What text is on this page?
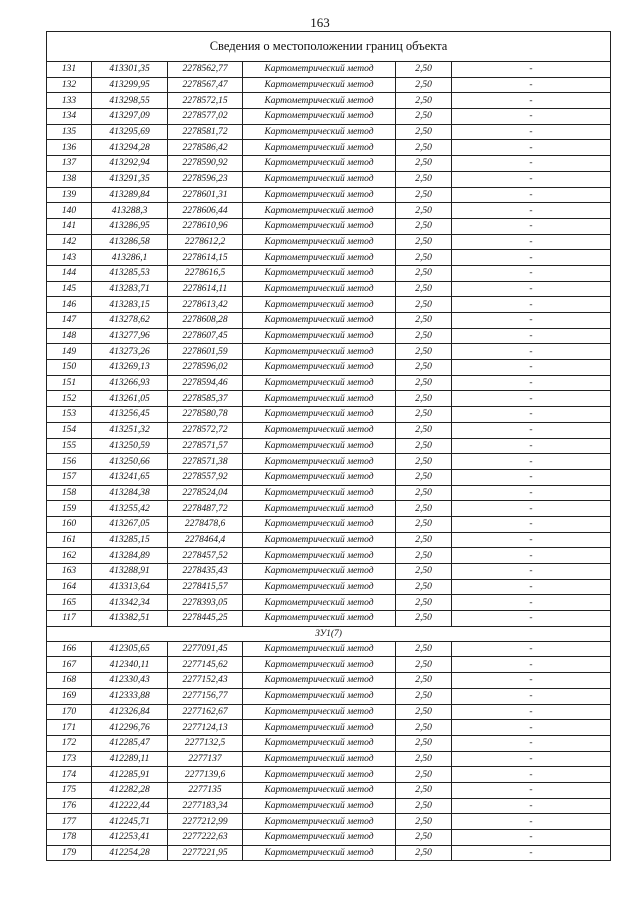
163
Сведения о местоположении границ объекта					
131	413301,35	2278562,77	Картометрический метод	2,50	-
132	413299,95	2278567,47	Картометрический метод	2,50	-
133	413298,55	2278572,15	Картометрический метод	2,50	-
134	413297,09	2278577,02	Картометрический метод	2,50	-
135	413295,69	2278581,72	Картометрический метод	2,50	-
136	413294,28	2278586,42	Картометрический метод	2,50	-
137	413292,94	2278590,92	Картометрический метод	2,50	-
138	413291,35	2278596,23	Картометрический метод	2,50	-
139	413289,84	2278601,31	Картометрический метод	2,50	-
140	413288,3	2278606,44	Картометрический метод	2,50	-
141	413286,95	2278610,96	Картометрический метод	2,50	-
142	413286,58	2278612,2	Картометрический метод	2,50	-
143	413286,1	2278614,15	Картометрический метод	2,50	-
144	413285,53	2278616,5	Картометрический метод	2,50	-
145	413283,71	2278614,11	Картометрический метод	2,50	-
146	413283,15	2278613,42	Картометрический метод	2,50	-
147	413278,62	2278608,28	Картометрический метод	2,50	-
148	413277,96	2278607,45	Картометрический метод	2,50	-
149	413273,26	2278601,59	Картометрический метод	2,50	-
150	413269,13	2278596,02	Картометрический метод	2,50	-
151	413266,93	2278594,46	Картометрический метод	2,50	-
152	413261,05	2278585,37	Картометрический метод	2,50	-
153	413256,45	2278580,78	Картометрический метод	2,50	-
154	413251,32	2278572,72	Картометрический метод	2,50	-
155	413250,59	2278571,57	Картометрический метод	2,50	-
156	413250,66	2278571,38	Картометрический метод	2,50	-
157	413241,65	2278557,92	Картометрический метод	2,50	-
158	413284,38	2278524,04	Картометрический метод	2,50	-
159	413255,42	2278487,72	Картометрический метод	2,50	-
160	413267,05	2278478,6	Картометрический метод	2,50	-
161	413285,15	2278464,4	Картометрический метод	2,50	-
162	413284,89	2278457,52	Картометрический метод	2,50	-
163	413288,91	2278435,43	Картометрический метод	2,50	-
164	413313,64	2278415,57	Картометрический метод	2,50	-
165	413342,34	2278393,05	Картометрический метод	2,50	-
117	413382,51	2278445,25	Картометрический метод	2,50	-
ЗУ1(7)					
166	412305,65	2277091,45	Картометрический метод	2,50	-
167	412340,11	2277145,62	Картометрический метод	2,50	-
168	412330,43	2277152,43	Картометрический метод	2,50	-
169	412333,88	2277156,77	Картометрический метод	2,50	-
170	412326,84	2277162,67	Картометрический метод	2,50	-
171	412296,76	2277124,13	Картометрический метод	2,50	-
172	412285,47	2277132,5	Картометрический метод	2,50	-
173	412289,11	2277137	Картометрический метод	2,50	-
174	412285,91	2277139,6	Картометрический метод	2,50	-
175	412282,28	2277135	Картометрический метод	2,50	-
176	412222,44	2277183,34	Картометрический метод	2,50	-
177	412245,71	2277212,99	Картометрический метод	2,50	-
178	412253,41	2277222,63	Картометрический метод	2,50	-
179	412254,28	2277221,95	Картометрический метод	2,50	-
